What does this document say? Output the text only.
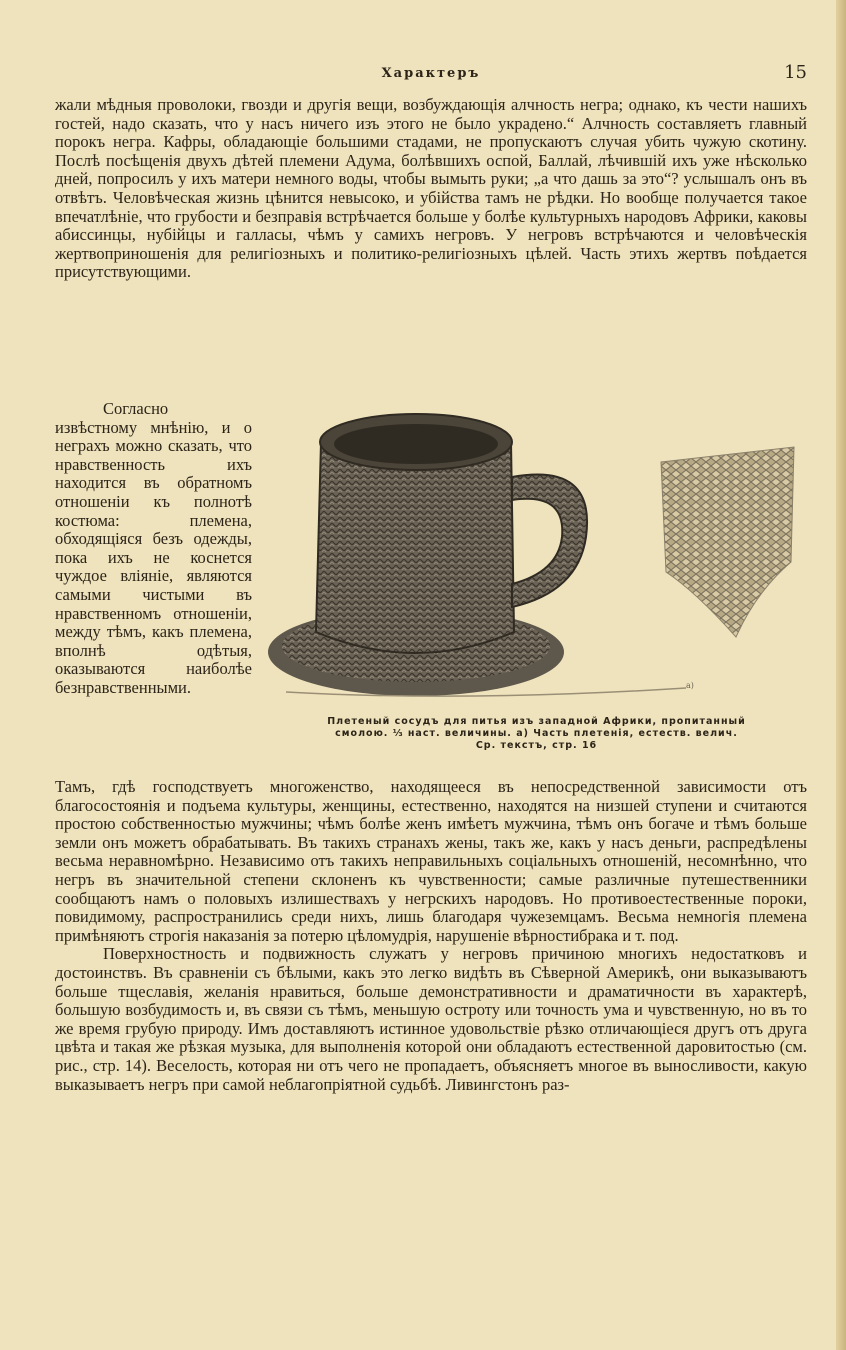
Характеръ	15

жали мѣдныя проволоки, гвозди и другія вещи, возбуждающія алчность негра; однако, къ чести нашихъ гостей, надо сказать, что у насъ ничего изъ этого не было украдено.“ Алчность составляетъ главный порокъ негра. Кафры, обладающіе большими стадами, не пропускаютъ случая убить чужую скотину. Послѣ посѣщенія двухъ дѣтей племени Адума, болѣвшихъ оспой, Баллай, лѣчившій ихъ уже нѣсколько дней, попросилъ у ихъ матери немного воды, чтобы вымыть руки; „а что дашь за это“? услышалъ онъ въ отвѣтъ. Человѣческая жизнь цѣнится невысоко, и убійства тамъ не рѣдки. Но вообще получается такое впечатлѣніе, что грубости и безправія встрѣчается больше у болѣе культурныхъ народовъ Африки, каковы абиссинцы, нубійцы и галласы, чѣмъ у самихъ негровъ. У негровъ встрѣчаются и человѣческія жертвоприношенія для религіозныхъ и политико-религіозныхъ цѣлей. Часть этихъ жертвъ поѣдается присутствующими.

Согласно извѣстному мнѣнію, и о неграхъ можно сказать, что нравственность ихъ находится въ обратномъ отношеніи къ полнотѣ костюма: племена, обходящіяся безъ одежды, пока ихъ не коснется чуждое вліяніе, являются самыми чистыми въ нравственномъ отношеніи, между тѣмъ, какъ племена, вполнѣ одѣтыя, оказываются наиболѣе безнравственными.	a)
Плетеный сосудъ для питья изъ западной Африки, пропитанный
смолою. ⅓ наст. величины. a) Часть плетенія, естеств. велич.
Ср. текстъ, стр. 16

Тамъ, гдѣ господствуетъ многоженство, находящееся въ непосредственной зависимости отъ благосостоянія и подъема культуры, женщины, естественно, находятся на низшей ступени и считаются простою собственностью мужчины; чѣмъ болѣе женъ имѣетъ мужчина, тѣмъ онъ богаче и тѣмъ больше земли онъ можетъ обрабатывать. Въ такихъ странахъ жены, такъ же, какъ у насъ деньги, распредѣлены весьма неравномѣрно. Независимо отъ такихъ неправильныхъ соціальныхъ отношеній, несомнѣнно, что негръ въ значительной степени склоненъ къ чувственности; самые различные путешественники сообщаютъ намъ о половыхъ излишествахъ у негрскихъ народовъ. Но противоестественные пороки, повидимому, распространились среди нихъ, лишь благодаря чужеземцамъ. Весьма немногія племена примѣняютъ строгія наказанія за потерю цѣломудрія, нарушеніе вѣрностибрака и т. под.

Поверхностность и подвижность служатъ у негровъ причиною многихъ недостатковъ и достоинствъ. Въ сравненіи съ бѣлыми, какъ это легко видѣть въ Сѣверной Америкѣ, они выказываютъ больше тщеславія, желанія нравиться, больше демонстративности и драматичности въ характерѣ, большую возбудимость и, въ связи съ тѣмъ, меньшую остроту или точность ума и чувственную, но въ то же время грубую природу. Имъ доставляютъ истинное удовольствіе рѣзко отличающіеся другъ отъ друга цвѣта и такая же рѣзкая музыка, для выполненія которой они обладаютъ естественной даровитостью (см. рис., стр. 14). Веселость, которая ни отъ чего не пропадаетъ, объясняетъ многое въ выносливости, какую выказываетъ негръ при самой неблагопріятной судьбѣ. Ливингстонъ раз-
